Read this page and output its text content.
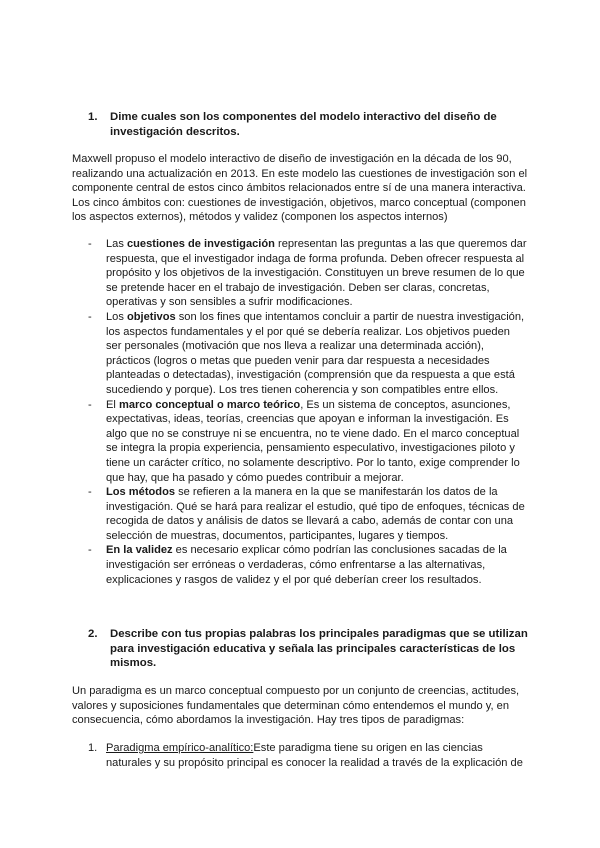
1. Dime cuales son los componentes del modelo interactivo del diseño de investigación descritos.

Maxwell propuso el modelo interactivo de diseño de investigación en la década de los 90, realizando una actualización en 2013. En este modelo las cuestiones de investigación son el componente central de estos cinco ámbitos relacionados entre sí de una manera interactiva. Los cinco ámbitos con: cuestiones de investigación, objetivos, marco conceptual (componen los aspectos externos), métodos y validez (componen los aspectos internos)

- Las cuestiones de investigación representan las preguntas a las que queremos dar respuesta, que el investigador indaga de forma profunda. Deben ofrecer respuesta al propósito y los objetivos de la investigación. Constituyen un breve resumen de lo que se pretende hacer en el trabajo de investigación. Deben ser claras, concretas, operativas y son sensibles a sufrir modificaciones.
- Los objetivos son los fines que intentamos concluir a partir de nuestra investigación, los aspectos fundamentales y el por qué se debería realizar. Los objetivos pueden ser personales (motivación que nos lleva a realizar una determinada acción), prácticos (logros o metas que pueden venir para dar respuesta a necesidades planteadas o detectadas), investigación (comprensión que da respuesta a que está sucediendo y porque). Los tres tienen coherencia y son compatibles entre ellos.
- El marco conceptual o marco teórico, Es un sistema de conceptos, asunciones, expectativas, ideas, teorías, creencias que apoyan e informan la investigación. Es algo que no se construye ni se encuentra, no te viene dado. En el marco conceptual se integra la propia experiencia, pensamiento especulativo, investigaciones piloto y tiene un carácter crítico, no solamente descriptivo. Por lo tanto, exige comprender lo que hay, que ha pasado y cómo puedes contribuir a mejorar.
- Los métodos se refieren a la manera en la que se manifestarán los datos de la investigación. Qué se hará para realizar el estudio, qué tipo de enfoques, técnicas de recogida de datos y análisis de datos se llevará a cabo, además de contar con una selección de muestras, documentos, participantes, lugares y tiempos.
- En la validez es necesario explicar cómo podrían las conclusiones sacadas de la investigación ser erróneas o verdaderas, cómo enfrentarse a las alternativas, explicaciones y rasgos de validez y el por qué deberían creer los resultados.
2. Describe con tus propias palabras los principales paradigmas que se utilizan para investigación educativa y señala las principales características de los mismos.

Un paradigma es un marco conceptual compuesto por un conjunto de creencias, actitudes, valores y suposiciones fundamentales que determinan cómo entendemos el mundo y, en consecuencia, cómo abordamos la investigación. Hay tres tipos de paradigmas:

1. Paradigma empírico-analítico:Este paradigma tiene su origen en las ciencias naturales y su propósito principal es conocer la realidad a través de la explicación de
